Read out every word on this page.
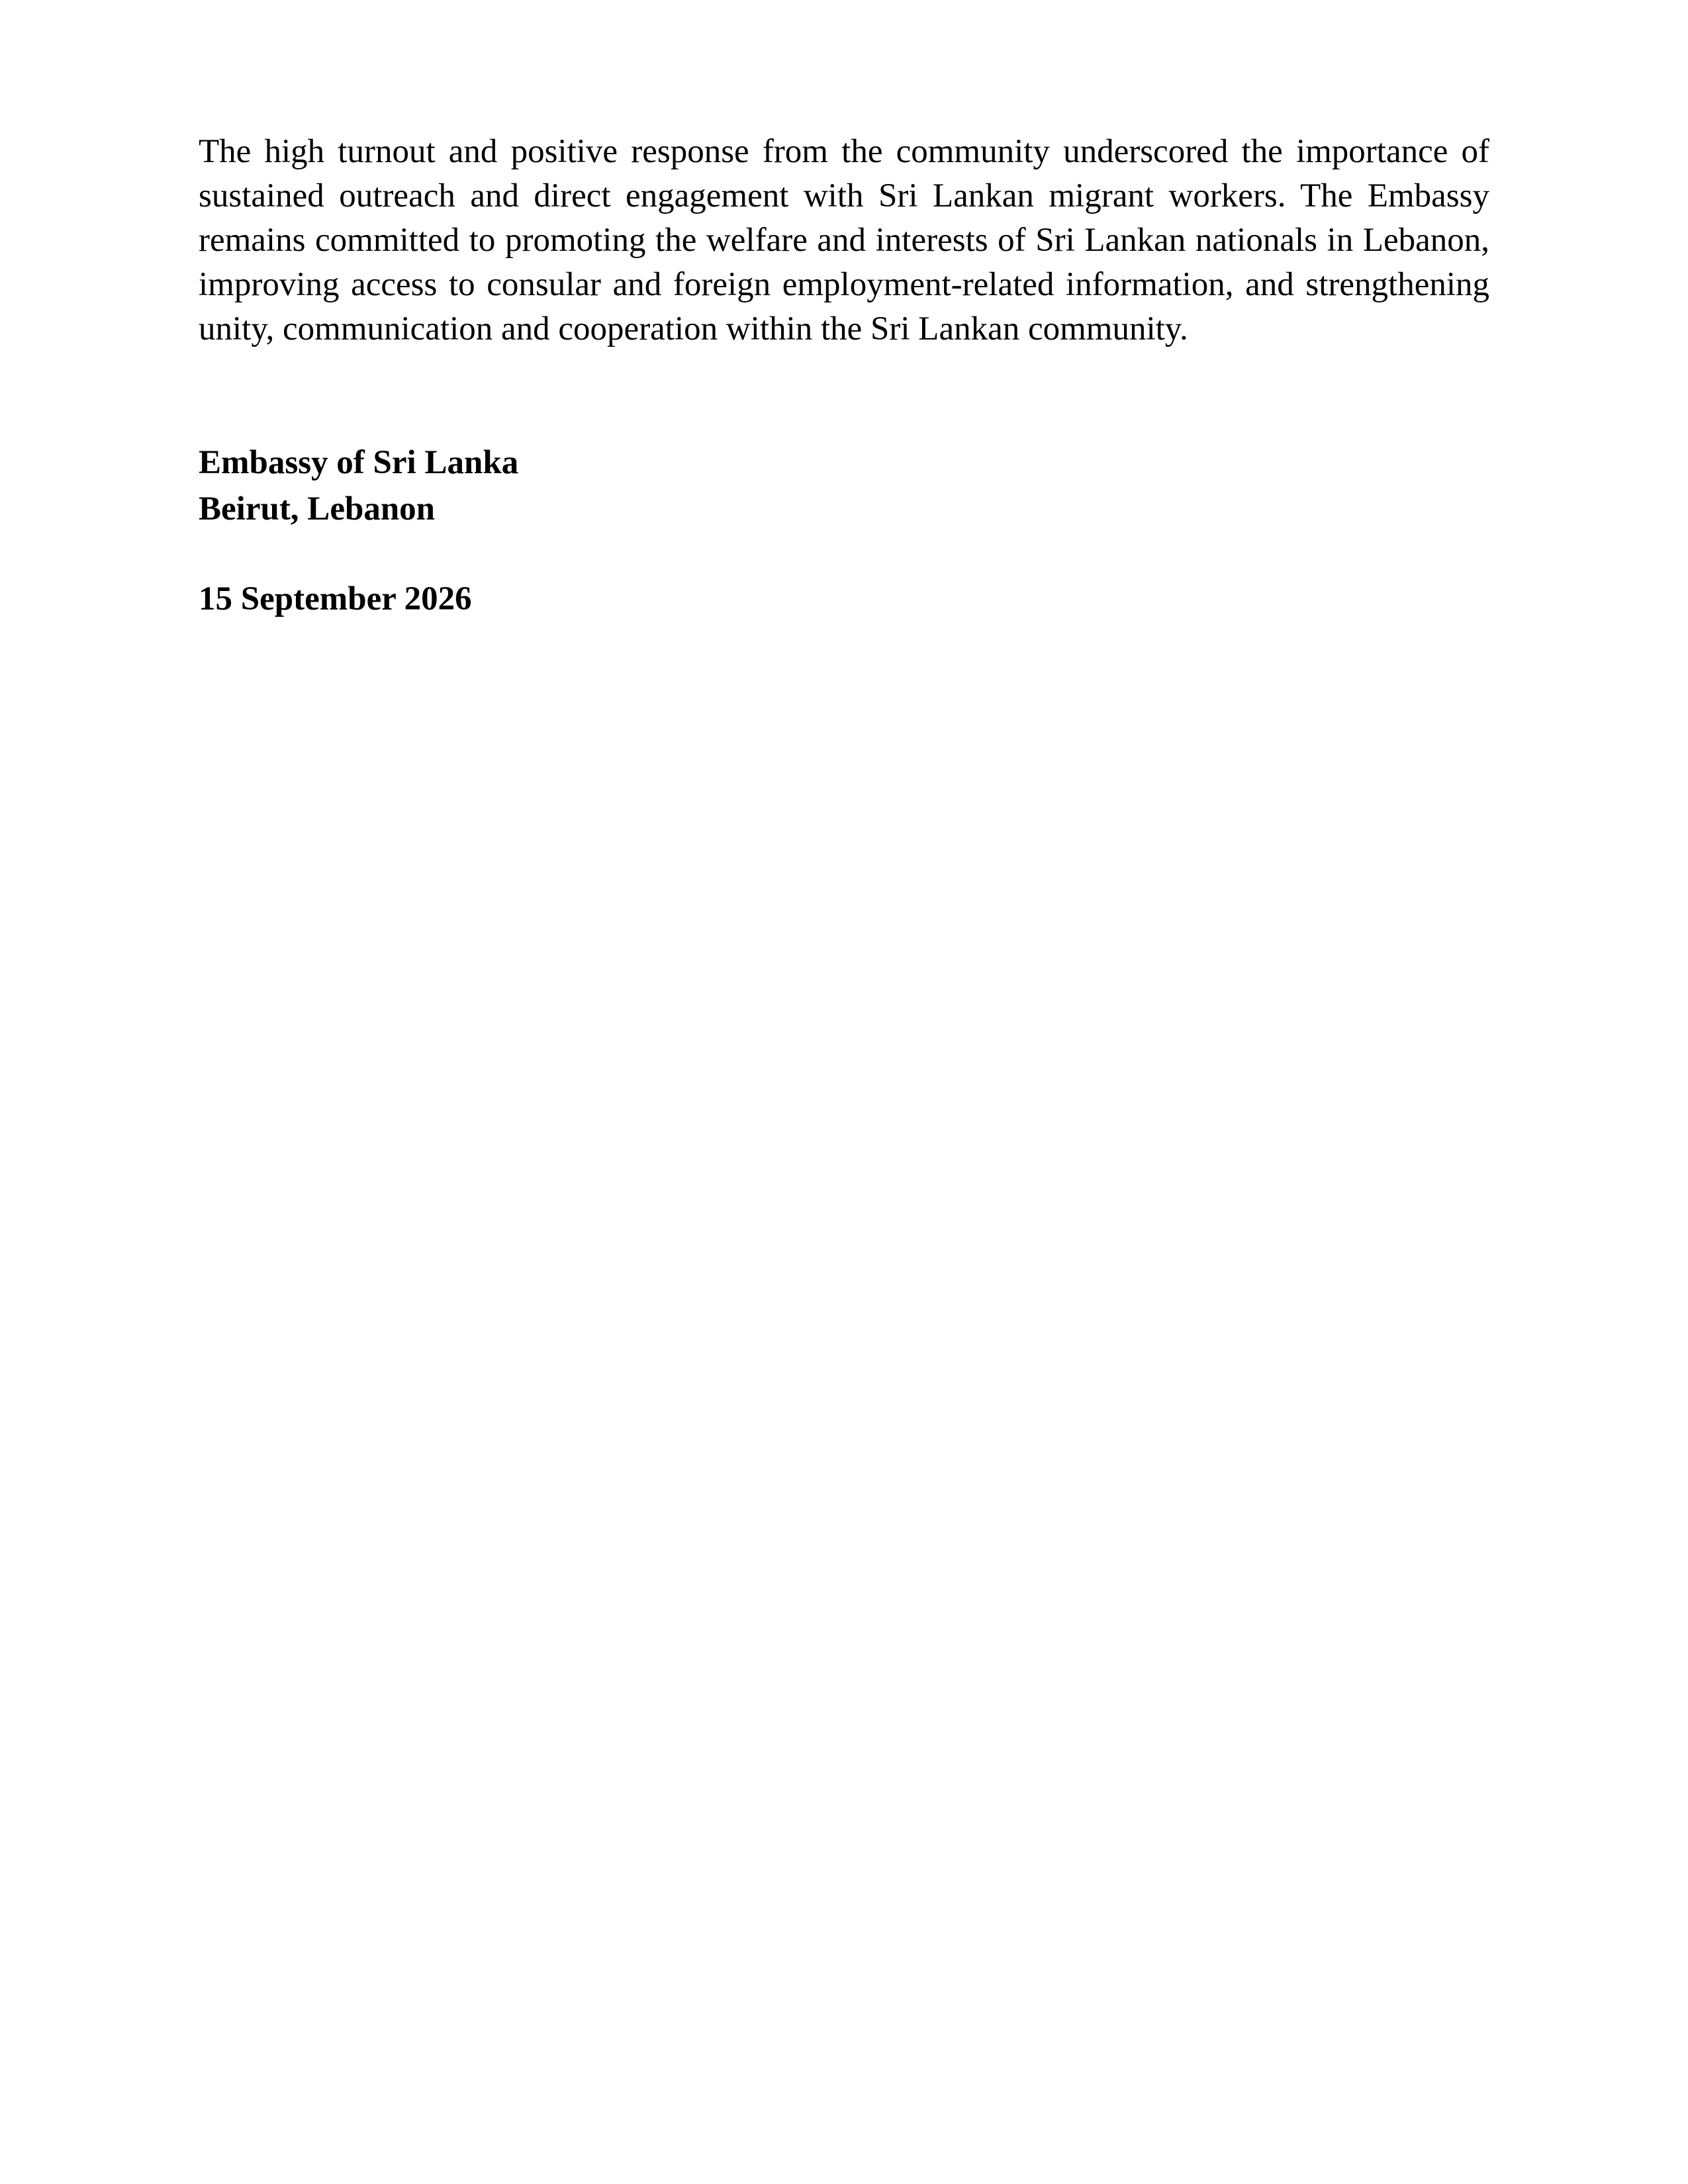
The high turnout and positive response from the community underscored the importance of sustained outreach and direct engagement with Sri Lankan migrant workers. The Embassy remains committed to promoting the welfare and interests of Sri Lankan nationals in Lebanon, improving access to consular and foreign employment-related information, and strengthening unity, communication and cooperation within the Sri Lankan community.

Embassy of Sri Lanka
Beirut, Lebanon
15 September 2026
